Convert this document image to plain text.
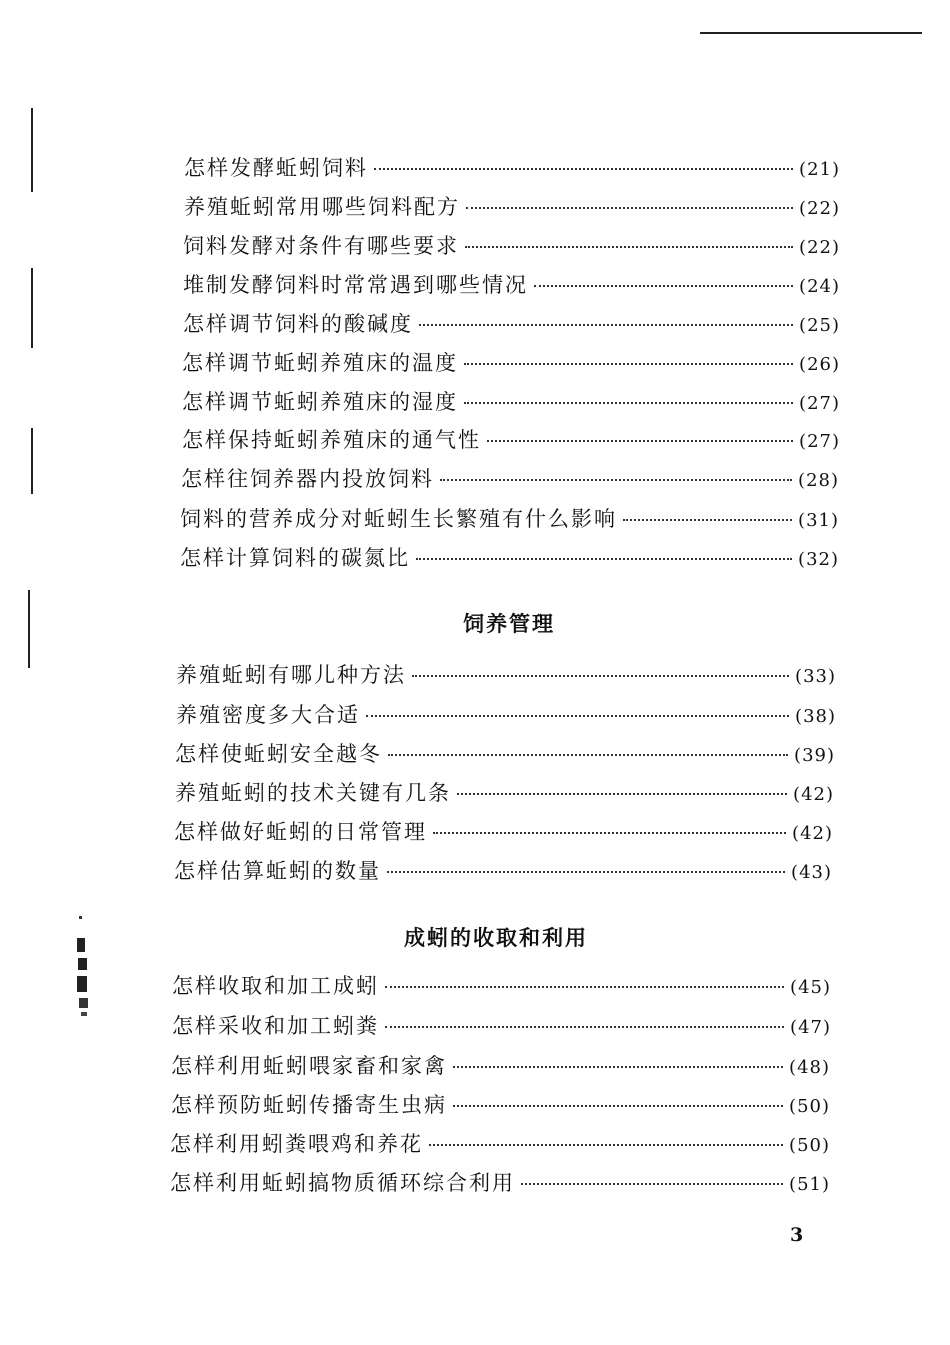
怎样发酵蚯蚓饲料	(21)
养殖蚯蚓常用哪些饲料配方	(22)
饲料发酵对条件有哪些要求	(22)
堆制发酵饲料时常常遇到哪些情况	(24)
怎样调节饲料的酸碱度	(25)
怎样调节蚯蚓养殖床的温度	(26)
怎样调节蚯蚓养殖床的湿度	(27)
怎样保持蚯蚓养殖床的通气性	(27)
怎样往饲养器内投放饲料	(28)
饲料的营养成分对蚯蚓生长繁殖有什么影响	(31)
怎样计算饲料的碳氮比	(32)
饲养管理
养殖蚯蚓有哪儿种方法	(33)
养殖密度多大合适	(38)
怎样使蚯蚓安全越冬	(39)
养殖蚯蚓的技术关键有几条	(42)
怎样做好蚯蚓的日常管理	(42)
怎样估算蚯蚓的数量	(43)
成蚓的收取和利用
怎样收取和加工成蚓	(45)
怎样采收和加工蚓粪	(47)
怎样利用蚯蚓喂家畜和家禽	(48)
怎样预防蚯蚓传播寄生虫病	(50)
怎样利用蚓粪喂鸡和养花	(50)
怎样利用蚯蚓搞物质循环综合利用	(51)
3
